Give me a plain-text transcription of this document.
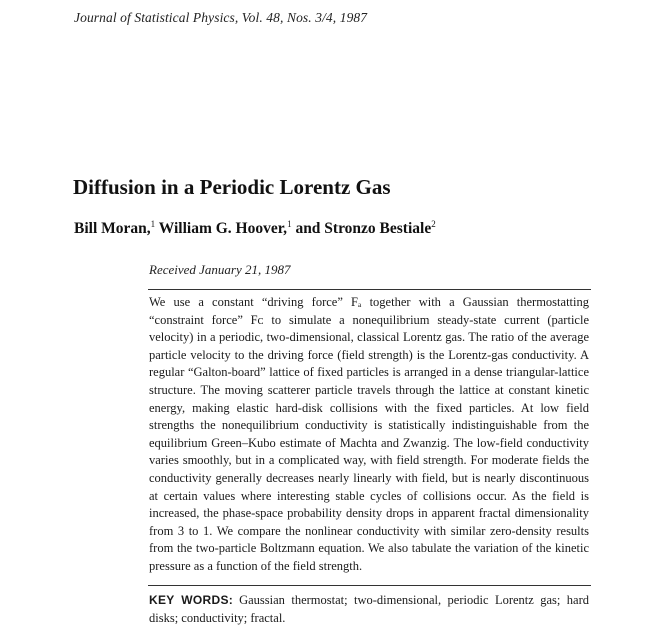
Journal of Statistical Physics, Vol. 48, Nos. 3/4, 1987
Diffusion in a Periodic Lorentz Gas
Bill Moran,$^1$ William G. Hoover,$^1$ and Stronzo Bestiale$^2$
Received January 21, 1987

We use a constant “driving force” Fₐ together with a Gaussian thermostatting “constraint force” Fᴄ to simulate a nonequilibrium steady-state current (particle velocity) in a periodic, two-dimensional, classical Lorentz gas. The ratio of the average particle velocity to the driving force (field strength) is the Lorentz-gas conductivity. A regular “Galton-board” lattice of fixed particles is arranged in a dense triangular-lattice structure. The moving scatterer particle travels through the lattice at constant kinetic energy, making elastic hard-disk collisions with the fixed particles. At low field strengths the nonequilibrium conductivity is statistically indistinguishable from the equilibrium Green–Kubo estimate of Machta and Zwanzig. The low-field conductivity varies smoothly, but in a complicated way, with field strength. For moderate fields the conductivity generally decreases nearly linearly with field, but is nearly discontinuous at certain values where interesting stable cycles of collisions occur. As the field is increased, the phase-space probability density drops in apparent fractal dimensionality from 3 to 1. We compare the nonlinear conductivity with similar zero-density results from the two-particle Boltzmann equation. We also tabulate the variation of the kinetic pressure as a function of the field strength.

KEY WORDS: Gaussian thermostat; two-dimensional, periodic Lorentz gas; hard disks; conductivity; fractal.
